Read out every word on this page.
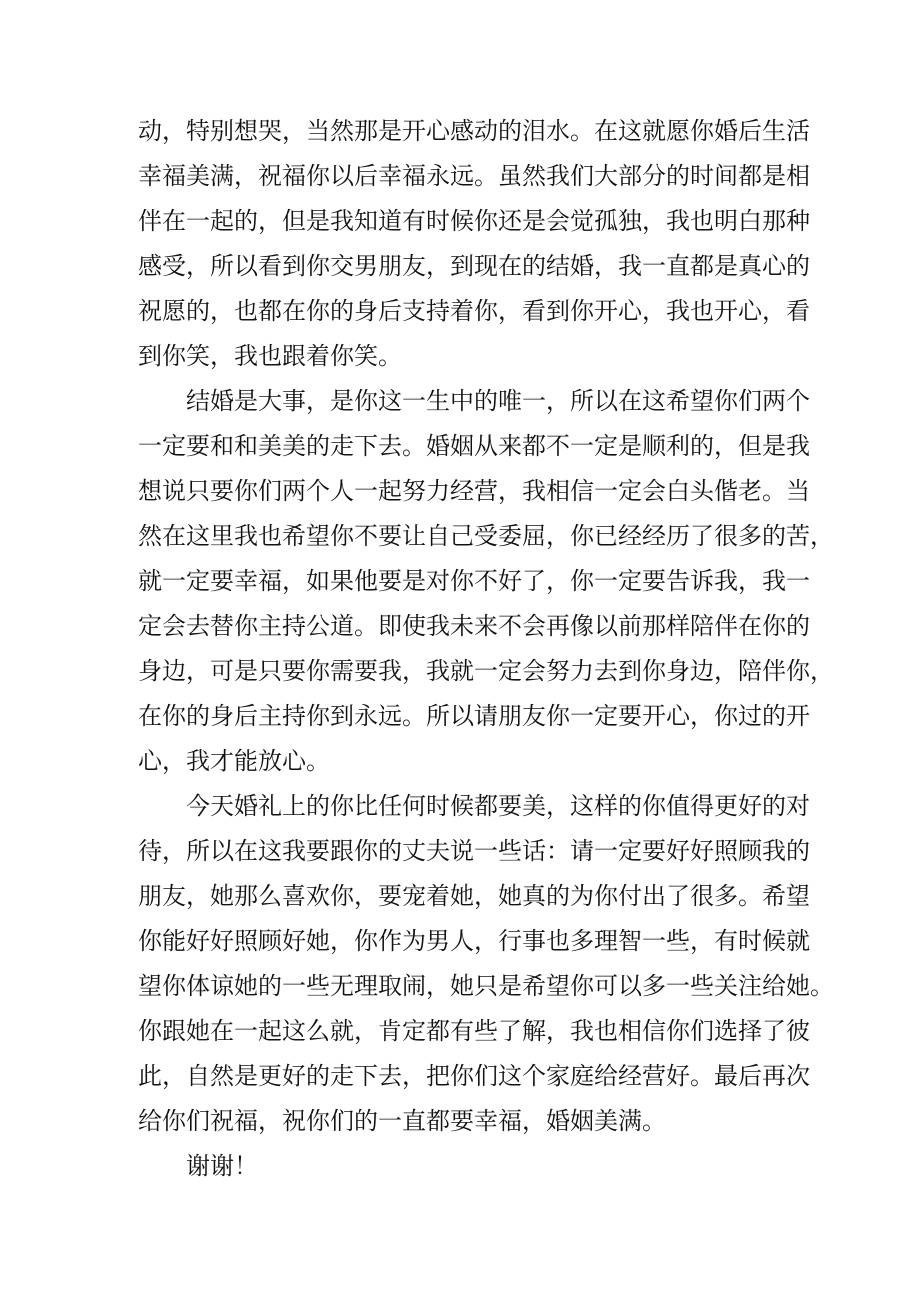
动，特别想哭，当然那是开心感动的泪水。在这就愿你婚后生活
幸福美满，祝福你以后幸福永远。虽然我们大部分的时间都是相
伴在一起的，但是我知道有时候你还是会觉孤独，我也明白那种
感受，所以看到你交男朋友，到现在的结婚，我一直都是真心的
祝愿的，也都在你的身后支持着你，看到你开心，我也开心，看
到你笑，我也跟着你笑。
结婚是大事，是你这一生中的唯一，所以在这希望你们两个
一定要和和美美的走下去。婚姻从来都不一定是顺利的，但是我
想说只要你们两个人一起努力经营，我相信一定会白头偕老。当
然在这里我也希望你不要让自己受委屈，你已经经历了很多的苦，
就一定要幸福，如果他要是对你不好了，你一定要告诉我，我一
定会去替你主持公道。即使我未来不会再像以前那样陪伴在你的
身边，可是只要你需要我，我就一定会努力去到你身边，陪伴你，
在你的身后主持你到永远。所以请朋友你一定要开心，你过的开
心，我才能放心。
今天婚礼上的你比任何时候都要美，这样的你值得更好的对
待，所以在这我要跟你的丈夫说一些话：请一定要好好照顾我的
朋友，她那么喜欢你，要宠着她，她真的为你付出了很多。希望
你能好好照顾好她，你作为男人，行事也多理智一些，有时候就
望你体谅她的一些无理取闹，她只是希望你可以多一些关注给她。
你跟她在一起这么就，肯定都有些了解，我也相信你们选择了彼
此，自然是更好的走下去，把你们这个家庭给经营好。最后再次
给你们祝福，祝你们的一直都要幸福，婚姻美满。
谢谢！
